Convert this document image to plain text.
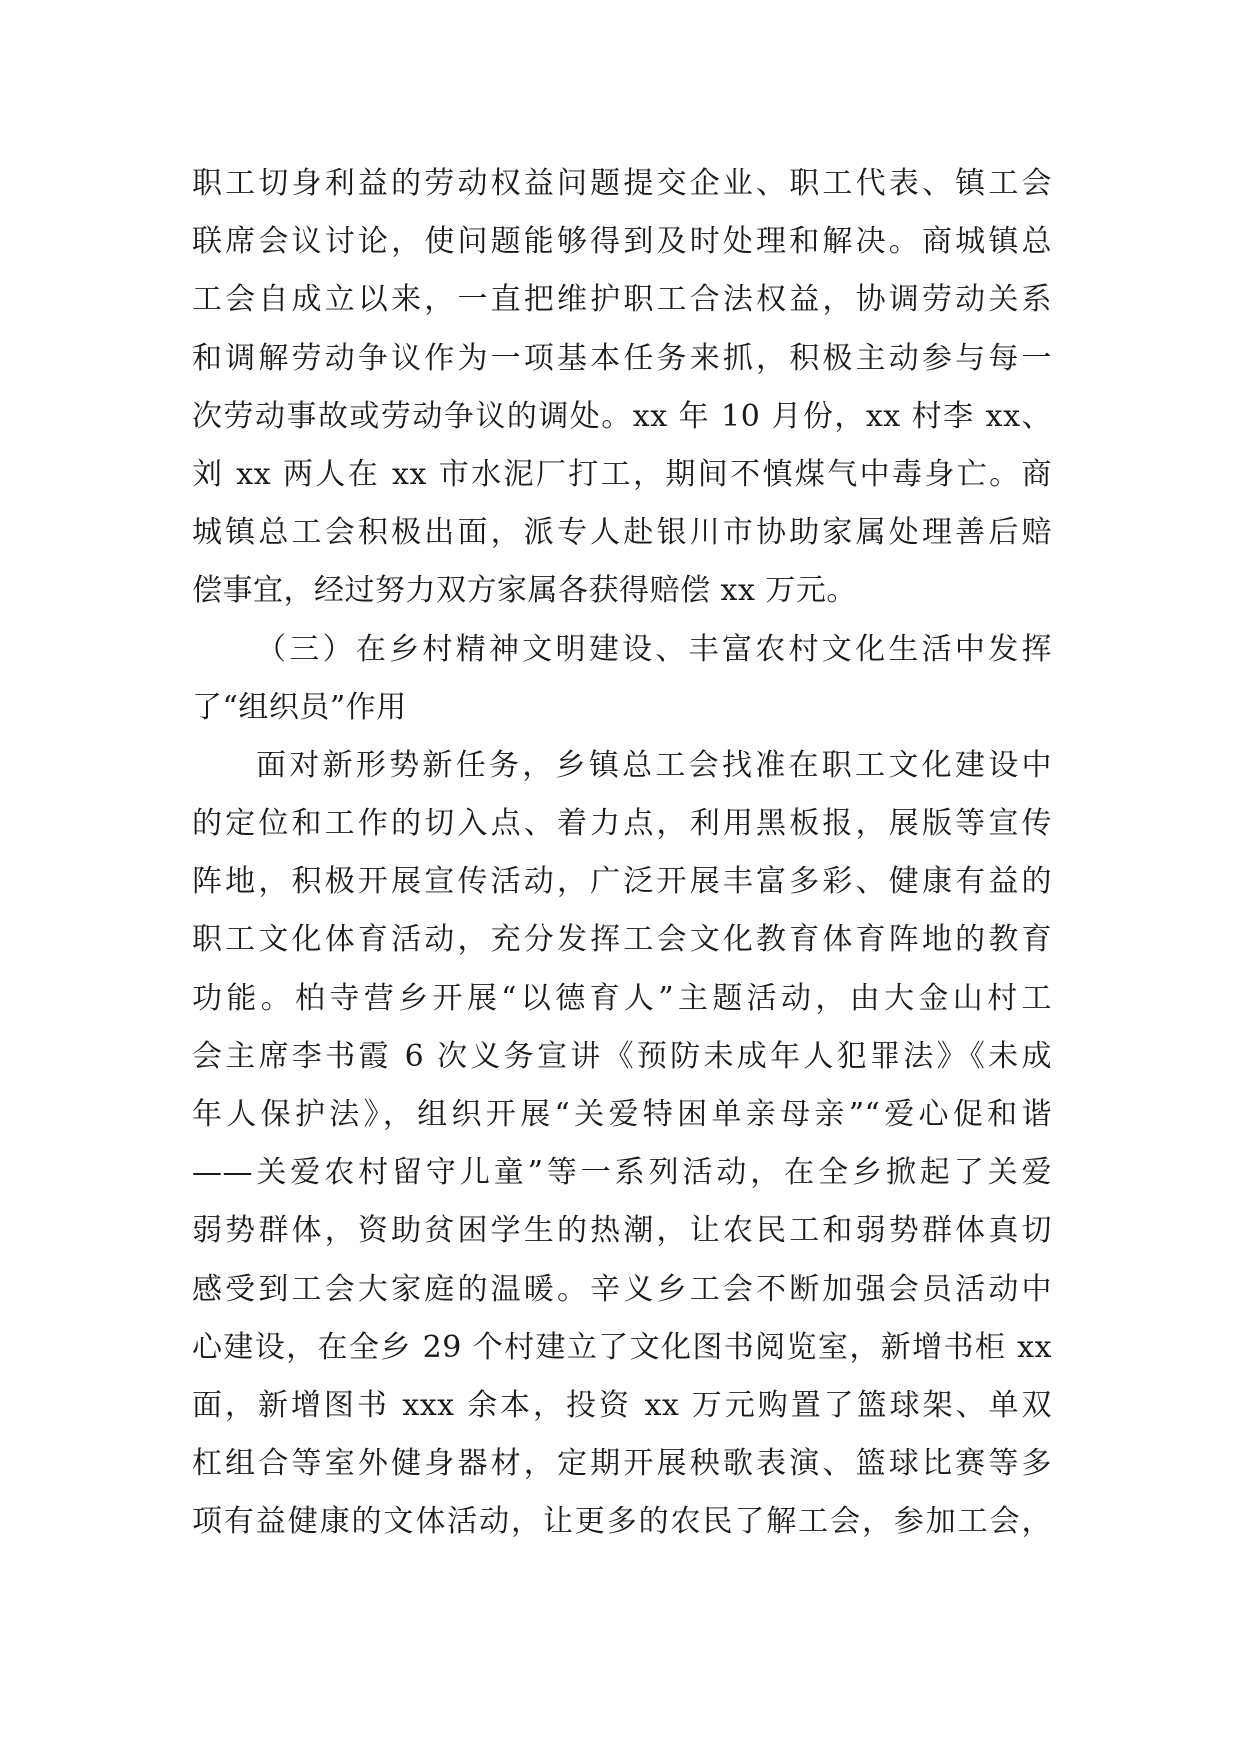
职工切身利益的劳动权益问题提交企业、职工代表、镇工会
联席会议讨论，使问题能够得到及时处理和解决。商城镇总
工会自成立以来，一直把维护职工合法权益，协调劳动关系
和调解劳动争议作为一项基本任务来抓，积极主动参与每一
次劳动事故或劳动争议的调处。xx 年 10 月份，xx 村李 xx、
刘 xx 两人在 xx 市水泥厂打工，期间不慎煤气中毒身亡。商
城镇总工会积极出面，派专人赴银川市协助家属处理善后赔
偿事宜，经过努力双方家属各获得赔偿 xx 万元。
（三）在乡村精神文明建设、丰富农村文化生活中发挥
了“组织员”作用
面对新形势新任务，乡镇总工会找准在职工文化建设中
的定位和工作的切入点、着力点，利用黑板报，展版等宣传
阵地，积极开展宣传活动，广泛开展丰富多彩、健康有益的
职工文化体育活动，充分发挥工会文化教育体育阵地的教育
功能。柏寺营乡开展“以德育人”主题活动，由大金山村工
会主席李书霞 6 次义务宣讲《预防未成年人犯罪法》《未成
年人保护法》，组织开展“关爱特困单亲母亲”“爱心促和谐
——关爱农村留守儿童”等一系列活动，在全乡掀起了关爱
弱势群体，资助贫困学生的热潮，让农民工和弱势群体真切
感受到工会大家庭的温暖。辛义乡工会不断加强会员活动中
心建设，在全乡 29 个村建立了文化图书阅览室，新增书柜 xx
面，新增图书 xxx 余本，投资 xx 万元购置了篮球架、单双
杠组合等室外健身器材，定期开展秧歌表演、篮球比赛等多
项有益健康的文体活动，让更多的农民了解工会，参加工会，
